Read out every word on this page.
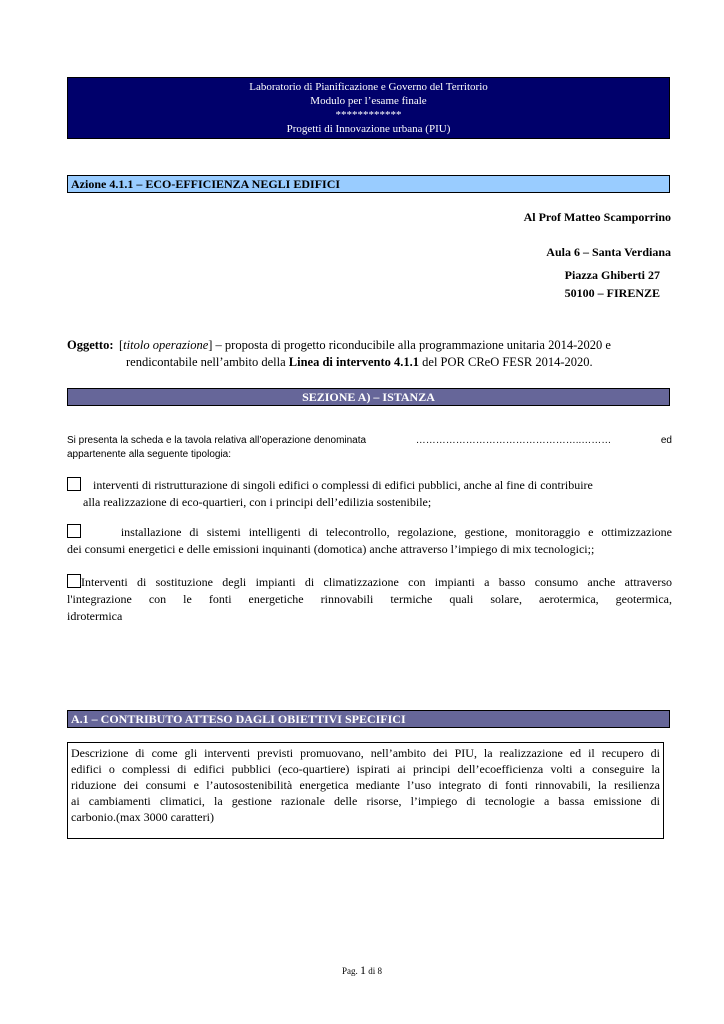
Laboratorio di Pianificazione e Governo del Territorio
Modulo per l’esame finale
************
Progetti di Innovazione urbana (PIU)
Azione 4.1.1 – ECO-EFFICIENZA NEGLI EDIFICI
Al Prof Matteo Scamporrino
Aula 6 – Santa Verdiana
Piazza Ghiberti 27
50100 – FIRENZE
Oggetto: [titolo operazione] – proposta di progetto riconducibile alla programmazione unitaria 2014-2020 e
rendicontabile nell’ambito della Linea di intervento 4.1.1 del POR CReO FESR 2014-2020.
SEZIONE A) – ISTANZA
Si presenta la scheda e la tavola relativa all’operazione denominata	…………………………………………..………	ed
appartenente alla seguente tipologia:
interventi di ristrutturazione di singoli edifici o complessi di edifici pubblici, anche al fine di contribuire
alla realizzazione di eco-quartieri, con i principi dell’edilizia sostenibile;
installazione di sistemi intelligenti di telecontrollo, regolazione, gestione, monitoraggio e ottimizzazione
dei consumi energetici e delle emissioni inquinanti (domotica) anche attraverso l’impiego di mix tecnologici;;
Interventi di sostituzione degli impianti di climatizzazione con impianti a basso consumo anche attraverso
l'integrazione con le fonti energetiche rinnovabili termiche quali solare, aerotermica, geotermica,
idrotermica
A.1 – CONTRIBUTO ATTESO DAGLI OBIETTIVI SPECIFICI
Descrizione di come gli interventi previsti promuovano, nell’ambito dei PIU, la realizzazione ed il recupero di
edifici o complessi di edifici pubblici (eco-quartiere) ispirati ai principi dell’ecoefficienza volti a conseguire la
riduzione dei consumi e l’autosostenibilità energetica mediante l’uso integrato di fonti rinnovabili, la resilienza
ai cambiamenti climatici, la gestione razionale delle risorse, l’impiego di tecnologie a bassa emissione di
carbonio.(max 3000 caratteri)
Pag. 1 di 8
